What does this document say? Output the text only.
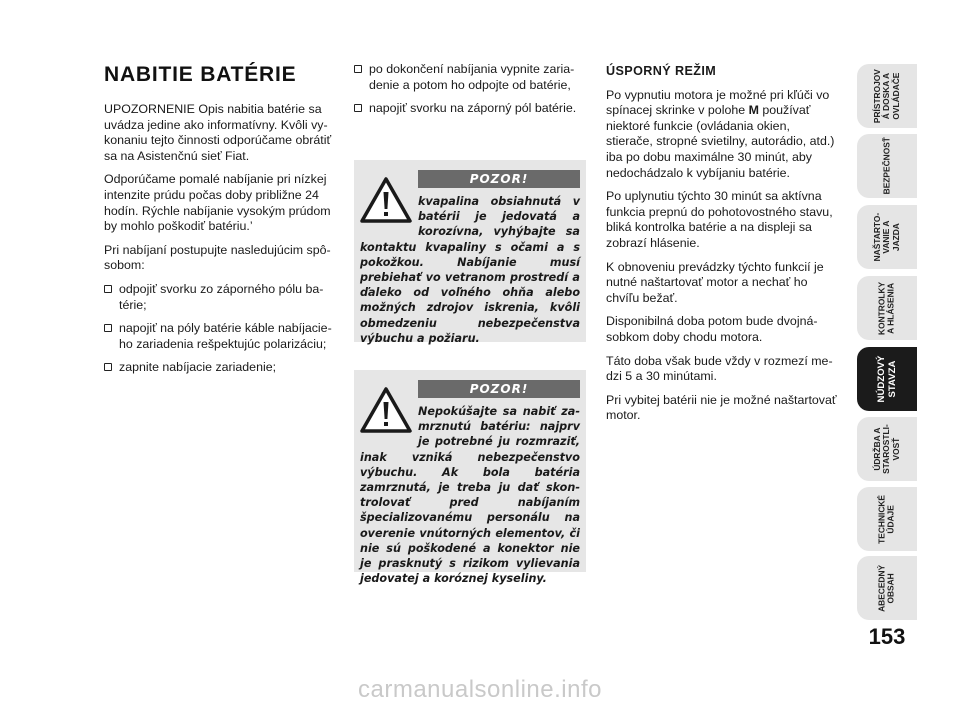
NABITIE BATÉRIE

UPOZORNENIE Opis nabitia batérie sa uvádza jedine ako informatívny. Kvôli vykonaniu tejto činnosti odporúčame obrátiť sa na Asistenčnú sieť Fiat.

Odporúčame pomalé nabíjanie pri nízkej intenzite prúdu počas doby približne 24 hodín. Rýchle nabíjanie vysokým prúdom by mohlo poškodiť batériu.’

Pri nabíjaní postupujte nasledujúcim spôsobom:

odpojiť svorku zo záporného pólu batérie;
napojiť na póly batérie káble nabíjacieho zariadenia rešpektujúc polarizáciu;
zapnite nabíjacie zariadenie;
po dokončení nabíjania vypnite zariadenie a potom ho odpojte od batérie,
napojiť svorku na záporný pól batérie.
POZOR!
kvapalina obsiahnutá v batérii je jedovatá a korozívna, vyhýbajte sa kontaktu kvapaliny s očami a s pokožkou. Nabíjanie musí prebiehať vo vetranom prostredí a ďaleko od voľného ohňa alebo možných zdrojov iskrenia, kvôli obmedzeniu nebezpečenstva výbuchu a požiaru.
POZOR!
Nepokúšajte sa nabiť zamrznutú batériu: najprv je potrebné ju rozmraziť, inak vzniká nebezpečenstvo výbuchu. Ak bola batéria zamrznutá, je treba ju dať skontrolovať pred nabíjaním špecializovanému personálu na overenie vnútorných elementov, či nie sú poškodené a konektor nie je prasknutý s rizikom vylievania jedovatej a koróznej kyseliny.
ÚSPORNÝ REŽIM

Po vypnutiu motora je možné pri kľúči vo spínacej skrinke v polohe M používať niektoré funkcie (ovládania okien, stierače, stropné svietilny, autorádio, atd.) iba po dobu maximálne 30 minút, aby nedochádzalo k vybíjaniu batérie.

Po uplynutiu týchto 30 minút sa aktívna funkcia prepnú do pohotovostného stavu, bliká kontrolka batérie a na displeji sa zobrazí hlásenie.

K obnoveniu prevádzky týchto funkcií je nutné naštartovať motor a nechať ho chvíľu bežať.

Disponibilná doba potom bude dvojnásobkom doby chodu motora.

Táto doba však bude vždy v rozmezí medzi 5 a 30 minútami.

Pri vybitej batérii nie je možné naštartovať motor.

PRÍSTROJOV
Á DOSKA A
OVLÁDAČE
BEZPEČNOSŤ
NAŠTARTO-
VANIE A
JAZDA
KONTROLKY
A HLÁSENIA
NÚDZOVÝ
STAVZA
ÚDRŽBA A
STAROSTLI-
VOSŤ
TECHNICKÉ
ÚDAJE
ABECEDNÝ
OBSAH
153
carmanualsonline.info
